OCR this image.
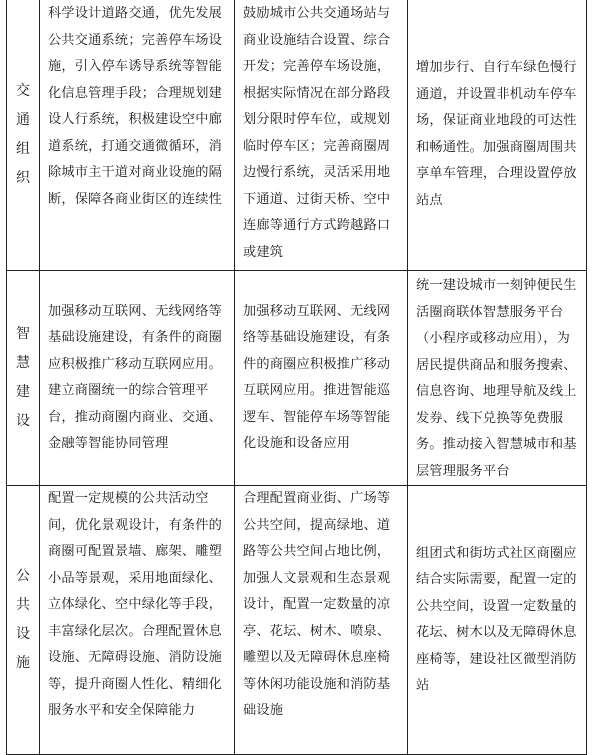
交
通
组
织	科学设计道路交通，优先发展公共交通系统；完善停车场设施，引入停车诱导系统等智能化信息管理手段；合理规划建设人行系统，积极建设空中廊道系统，打通交通微循环，消除城市主干道对商业设施的隔断，保障各商业街区的连续性	鼓励城市公共交通场站与商业设施结合设置、综合开发；完善停车场设施，根据实际情况在部分路段划分限时停车位，或规划临时停车区；完善商圈周边慢行系统，灵活采用地下通道、过街天桥、空中连廊等通行方式跨越路口或建筑	增加步行、自行车绿色慢行通道，并设置非机动车停车场，保证商业地段的可达性和畅通性。加强商圈周围共享单车管理，合理设置停放站点

智
慧
建
设	加强移动互联网、无线网络等基础设施建设，有条件的商圈应积极推广移动互联网应用。建立商圈统一的综合管理平台，推动商圈内商业、交通、金融等智能协同管理	加强移动互联网、无线网络等基础设施建设，有条件的商圈应积极推广移动互联网应用。推进智能巡逻车、智能停车场等智能化设施和设备应用	统一建设城市一刻钟便民生活圈商联体智慧服务平台（小程序或移动应用），为居民提供商品和服务搜索、信息咨询、地理导航及线上发券、线下兑换等免费服务。推动接入智慧城市和基层管理服务平台

公
共
设
施	配置一定规模的公共活动空间，优化景观设计，有条件的商圈可配置景墙、廊架、雕塑小品等景观，采用地面绿化、立体绿化、空中绿化等手段，丰富绿化层次。合理配置休息设施、无障碍设施、消防设施等，提升商圈人性化、精细化服务水平和安全保障能力	合理配置商业街、广场等公共空间，提高绿地、道路等公共空间占地比例，加强人文景观和生态景观设计，配置一定数量的凉亭、花坛、树木、喷泉、雕塑以及无障碍休息座椅等休闲功能设施和消防基础设施	组团式和街坊式社区商圈应结合实际需要，配置一定的公共空间，设置一定数量的花坛、树木以及无障碍休息座椅等，建设社区微型消防站
